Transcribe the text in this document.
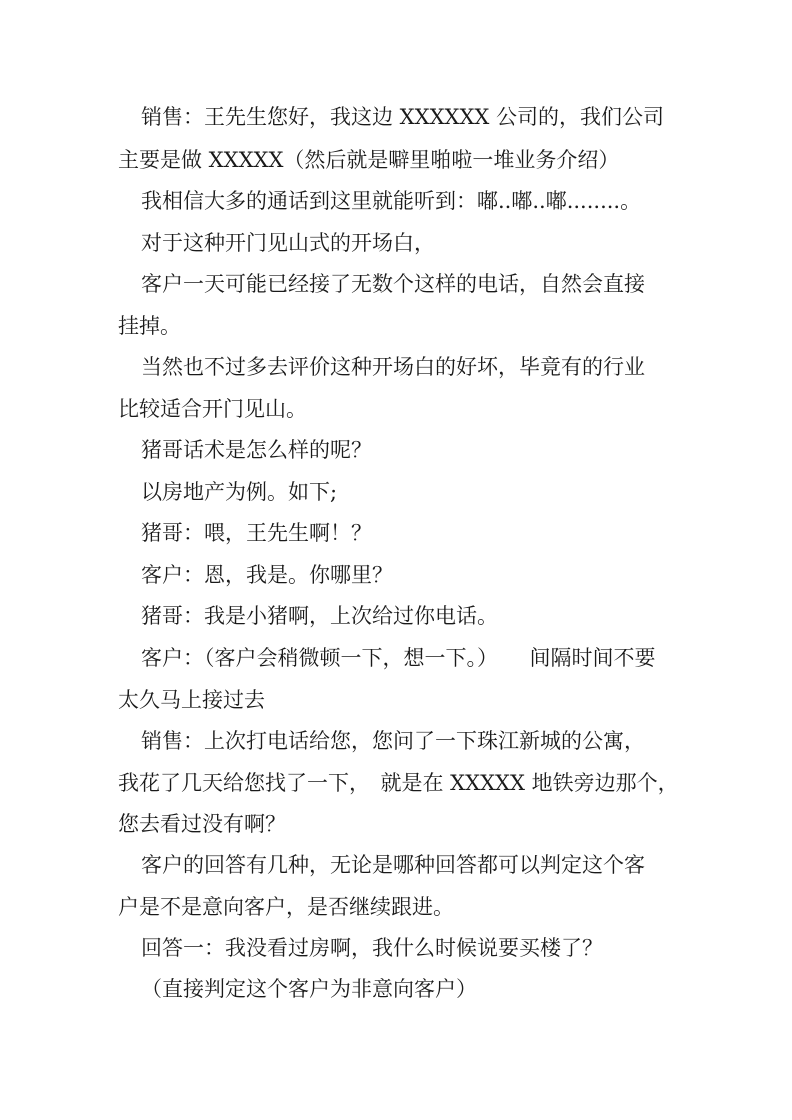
销售：王先生您好，我这边 XXXXXX 公司的，我们公司
主要是做 XXXXX（然后就是噼里啪啦一堆业务介绍）
我相信大多的通话到这里就能听到：嘟..嘟..嘟........。
对于这种开门见山式的开场白，
客户一天可能已经接了无数个这样的电话，自然会直接
挂掉。
当然也不过多去评价这种开场白的好坏，毕竟有的行业
比较适合开门见山。
猪哥话术是怎么样的呢？
以房地产为例。如下;
猪哥：喂，王先生啊！？
客户：恩，我是。你哪里？
猪哥：我是小猪啊，上次给过你电话。
客户：（客户会稍微顿一下，想一下。）　　间隔时间不要
太久马上接过去
销售：上次打电话给您，您问了一下珠江新城的公寓，
我花了几天给您找了一下，　就是在 XXXXX 地铁旁边那个，
您去看过没有啊？
客户的回答有几种，无论是哪种回答都可以判定这个客
户是不是意向客户，是否继续跟进。
回答一：我没看过房啊，我什么时候说要买楼了？
（直接判定这个客户为非意向客户）
